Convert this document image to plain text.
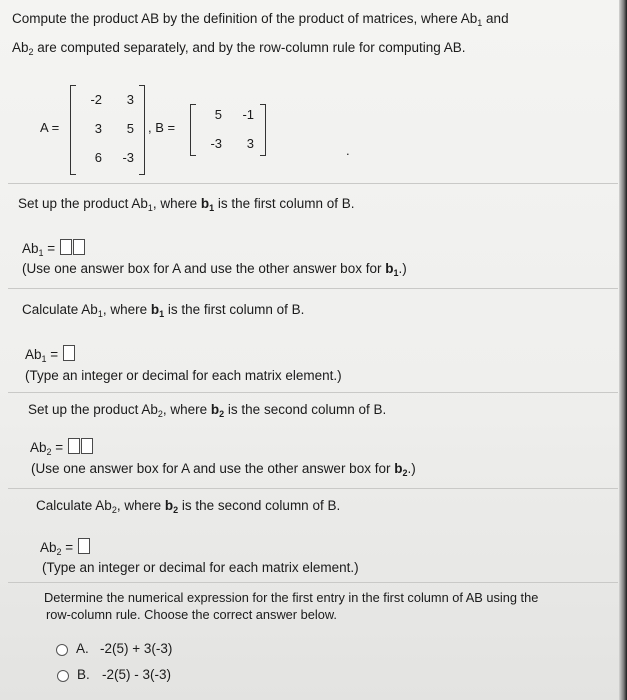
Compute the product AB by the definition of the product of matrices, where $Ab_1$ and
$Ab_2$ are computed separately, and by the row-column rule for computing AB.
A =
-2	3
3	5
6	-3
, B =
5	-1
-3	3	.
Set up the product $Ab_1$, where $b_1$ is the first column of B.
$Ab_1$ =
(Use one answer box for A and use the other answer box for $b_1$.)
Calculate $Ab_1$, where $b_1$ is the first column of B.
$Ab_1$ =
(Type an integer or decimal for each matrix element.)
Set up the product $Ab_2$, where $b_2$ is the second column of B.
$Ab_2$ =
(Use one answer box for A and use the other answer box for $b_2$.)
Calculate $Ab_2$, where $b_2$ is the second column of B.
$Ab_2$ =
(Type an integer or decimal for each matrix element.)
Determine the numerical expression for the first entry in the first column of AB using the
row-column rule. Choose the correct answer below.
A. -2(5) + 3(-3)
B. -2(5) - 3(-3)
